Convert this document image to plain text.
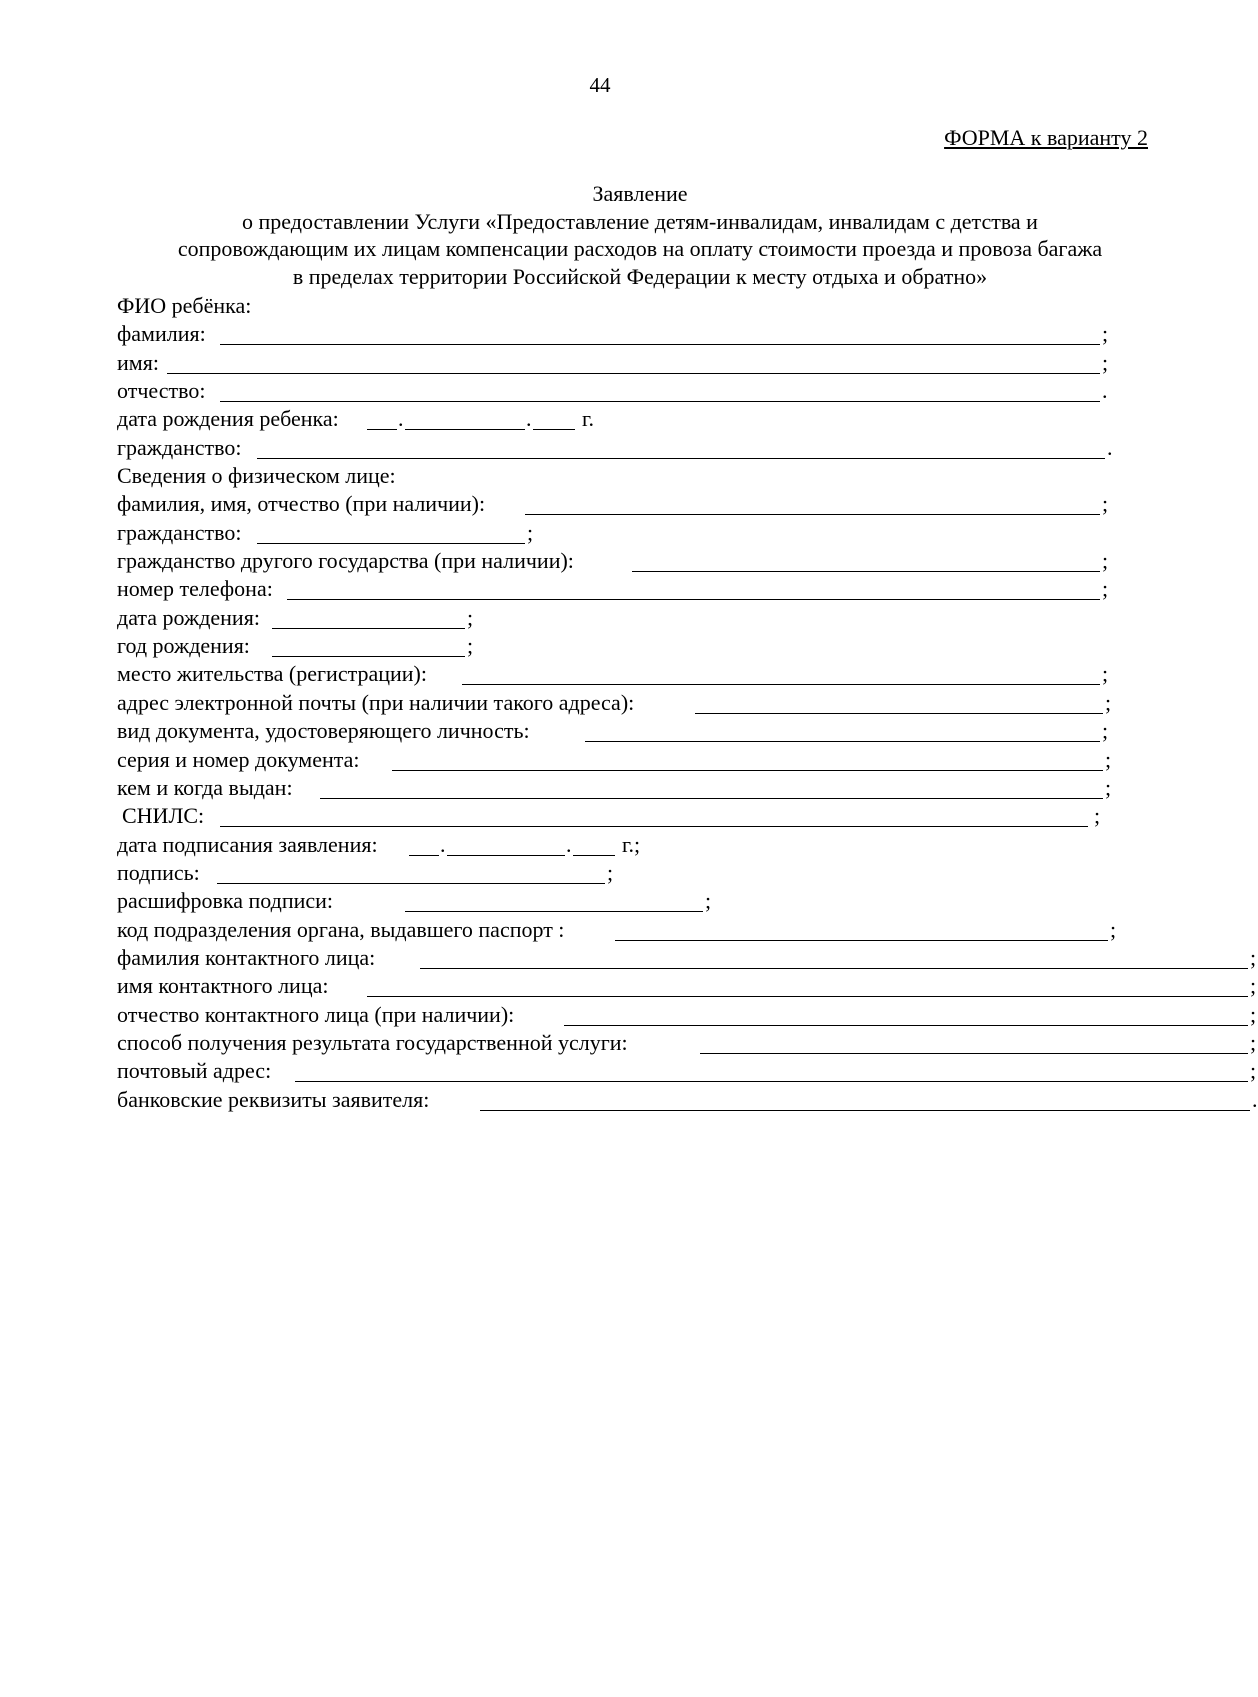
44
ФОРМА к варианту 2
Заявление
о предоставлении Услуги «Предоставление детям-инвалидам, инвалидам с детства и
сопровождающим их лицам компенсации расходов на оплату стоимости проезда и провоза багажа
в пределах территории Российской Федерации к месту отдыха и обратно»
ФИО ребёнка:
фамилия:	;
имя:	;
отчество:	.
дата рождения ребенка:	.	. г.
гражданство:	.
Сведения о физическом лице:
фамилия, имя, отчество (при наличии):	;
гражданство:	;
гражданство другого государства (при наличии):	;
номер телефона:	;
дата рождения:	;
год рождения:	;
место жительства (регистрации):	;
адрес электронной почты (при наличии такого адреса):	;
вид документа, удостоверяющего личность:	;
серия и номер документа:	;
кем и когда выдан:	;
СНИЛС:	;
дата подписания заявления:	.	. г.;
подпись:	;
расшифровка подписи:	;
код подразделения органа, выдавшего паспорт :	;
фамилия контактного лица:	;
имя контактного лица:	;
отчество контактного лица (при наличии):	;
способ получения результата государственной услуги:	;
почтовый адрес:	;
банковские реквизиты заявителя:	.
